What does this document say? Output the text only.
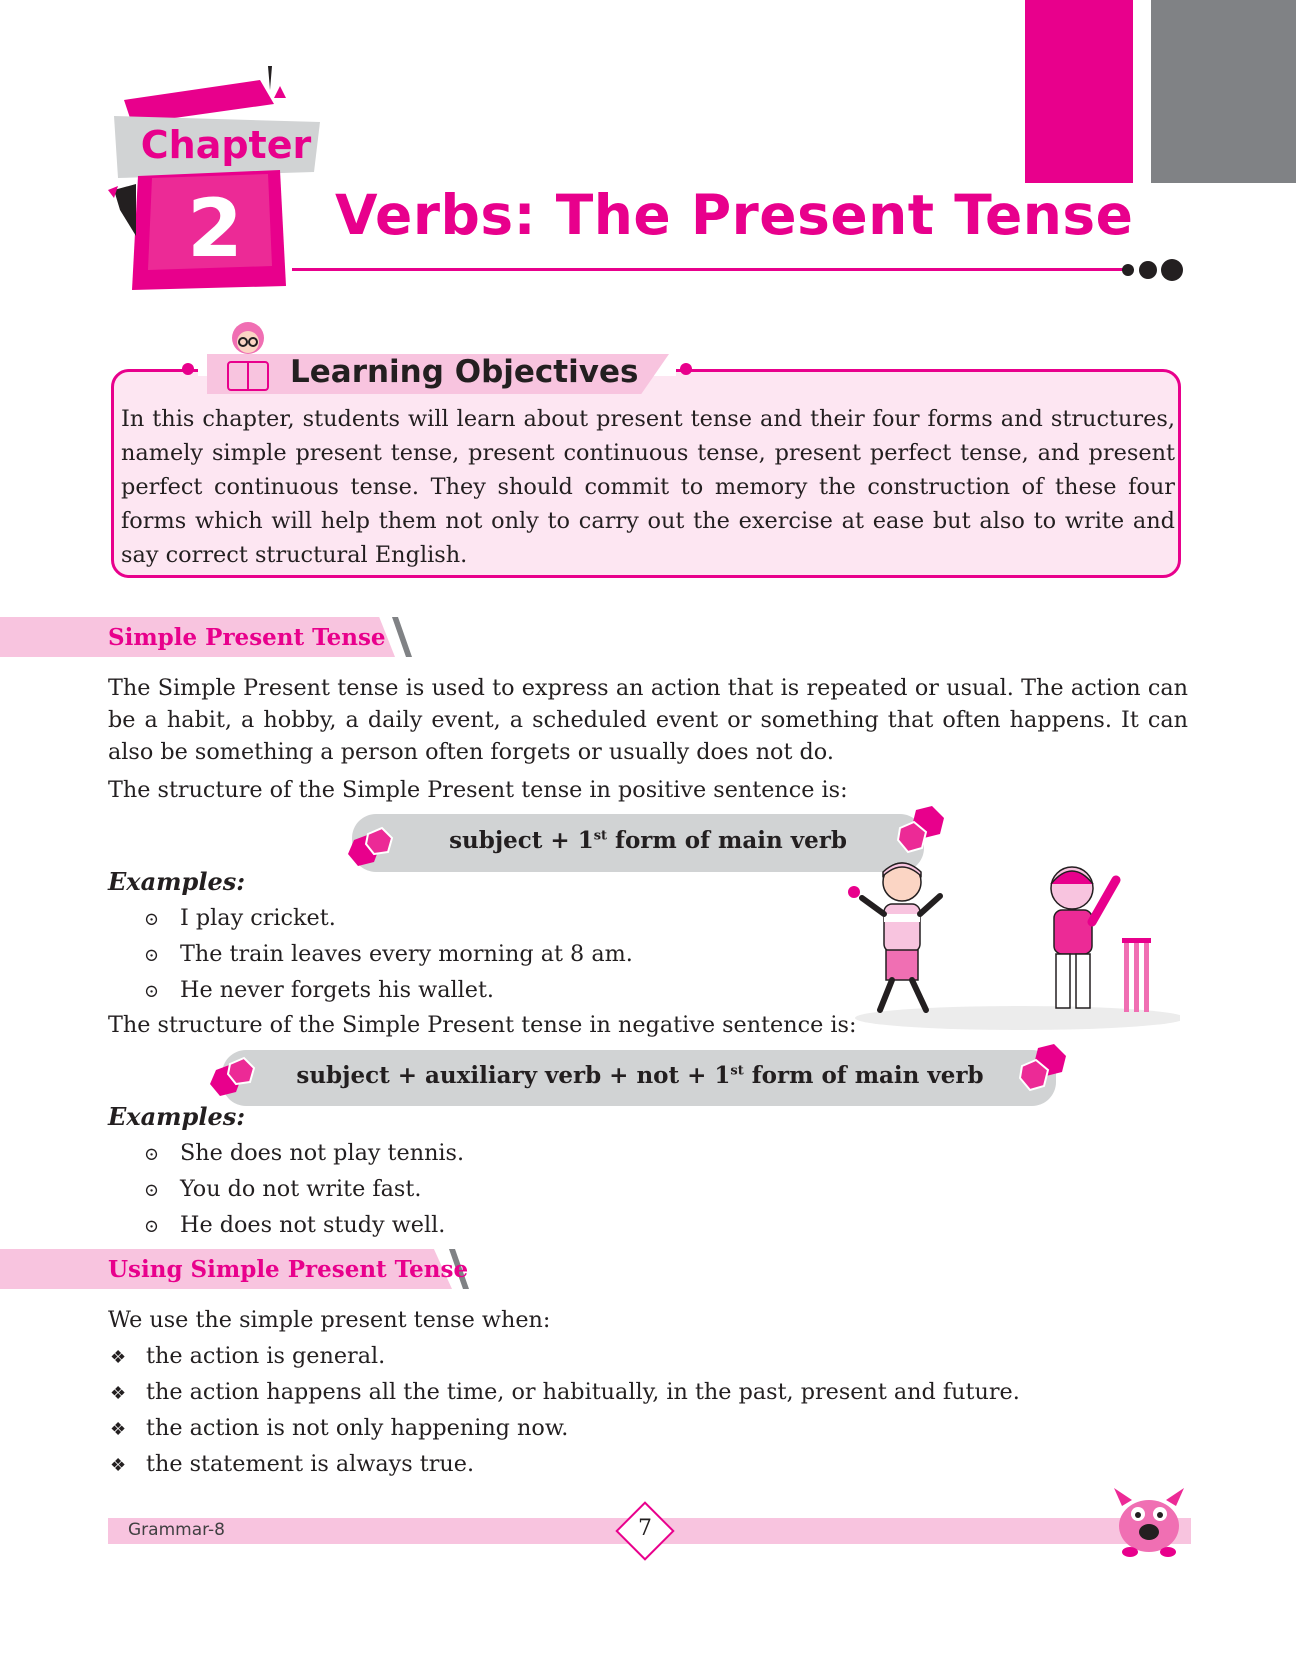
Chapter
2	Verbs: The Present Tense
Learning Objectives
In this chapter, students will learn about present tense and their four forms and structures, namely simple present tense, present continuous tense, present perfect tense, and present perfect continuous tense. They should commit to memory the construction of these four forms which will help them not only to carry out the exercise at ease but also to write and say correct structural English.
Simple Present Tense
The Simple Present tense is used to express an action that is repeated or usual. The action can be a habit, a hobby, a daily event, a scheduled event or something that often happens. It can also be something a person often forgets or usually does not do.
The structure of the Simple Present tense in positive sentence is:
subject + 1st form of main verb
Examples:
⊙ I play cricket.
⊙ The train leaves every morning at 8 am.
⊙ He never forgets his wallet.
The structure of the Simple Present tense in negative sentence is:
subject + auxiliary verb + not + 1st form of main verb
Examples:
⊙ She does not play tennis.
⊙ You do not write fast.
⊙ He does not study well.
Using Simple Present Tense
We use the simple present tense when:
❖ the action is general.
❖ the action happens all the time, or habitually, in the past, present and future.
❖ the action is not only happening now.
❖ the statement is always true.
Grammar-8	7
